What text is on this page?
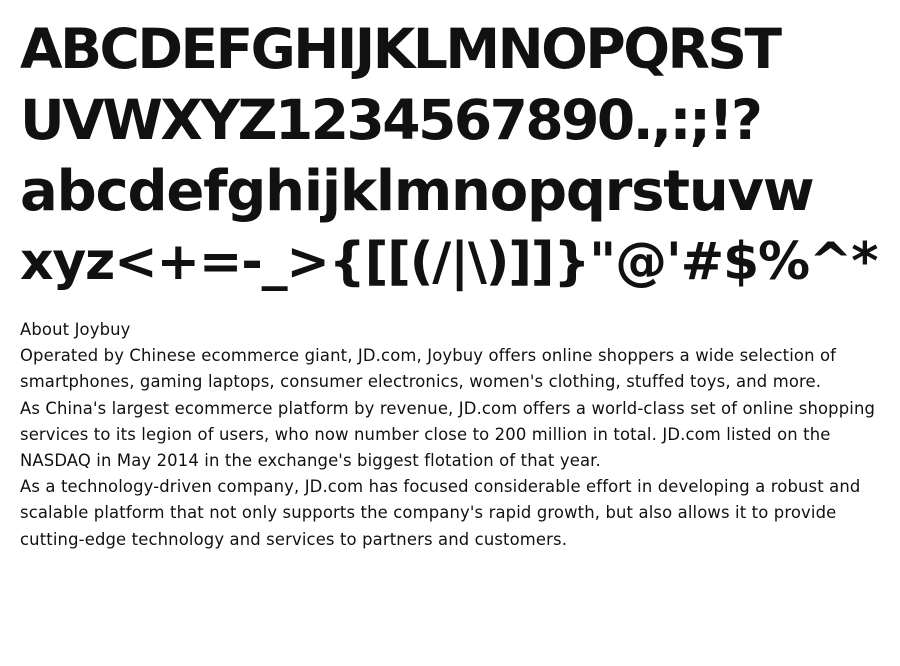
ABCDEFGHIJKLMNOPQRST
UVWXYZ1234567890.,:;!?
abcdefghijklmnopqrstuvw
xyz<+=-_>{[[(/|\)]]}"@'#$%^*

About Joybuy

Operated by Chinese ecommerce giant, JD.com, Joybuy offers online shoppers a wide selection of smartphones, gaming laptops, consumer electronics, women's clothing, stuffed toys, and more.

As China's largest ecommerce platform by revenue, JD.com offers a world-class set of online shopping services to its legion of users, who now number close to 200 million in total. JD.com listed on the NASDAQ in May 2014 in the exchange's biggest flotation of that year.

As a technology-driven company, JD.com has focused considerable effort in developing a robust and scalable platform that not only supports the company's rapid growth, but also allows it to provide cutting-edge technology and services to partners and customers.
